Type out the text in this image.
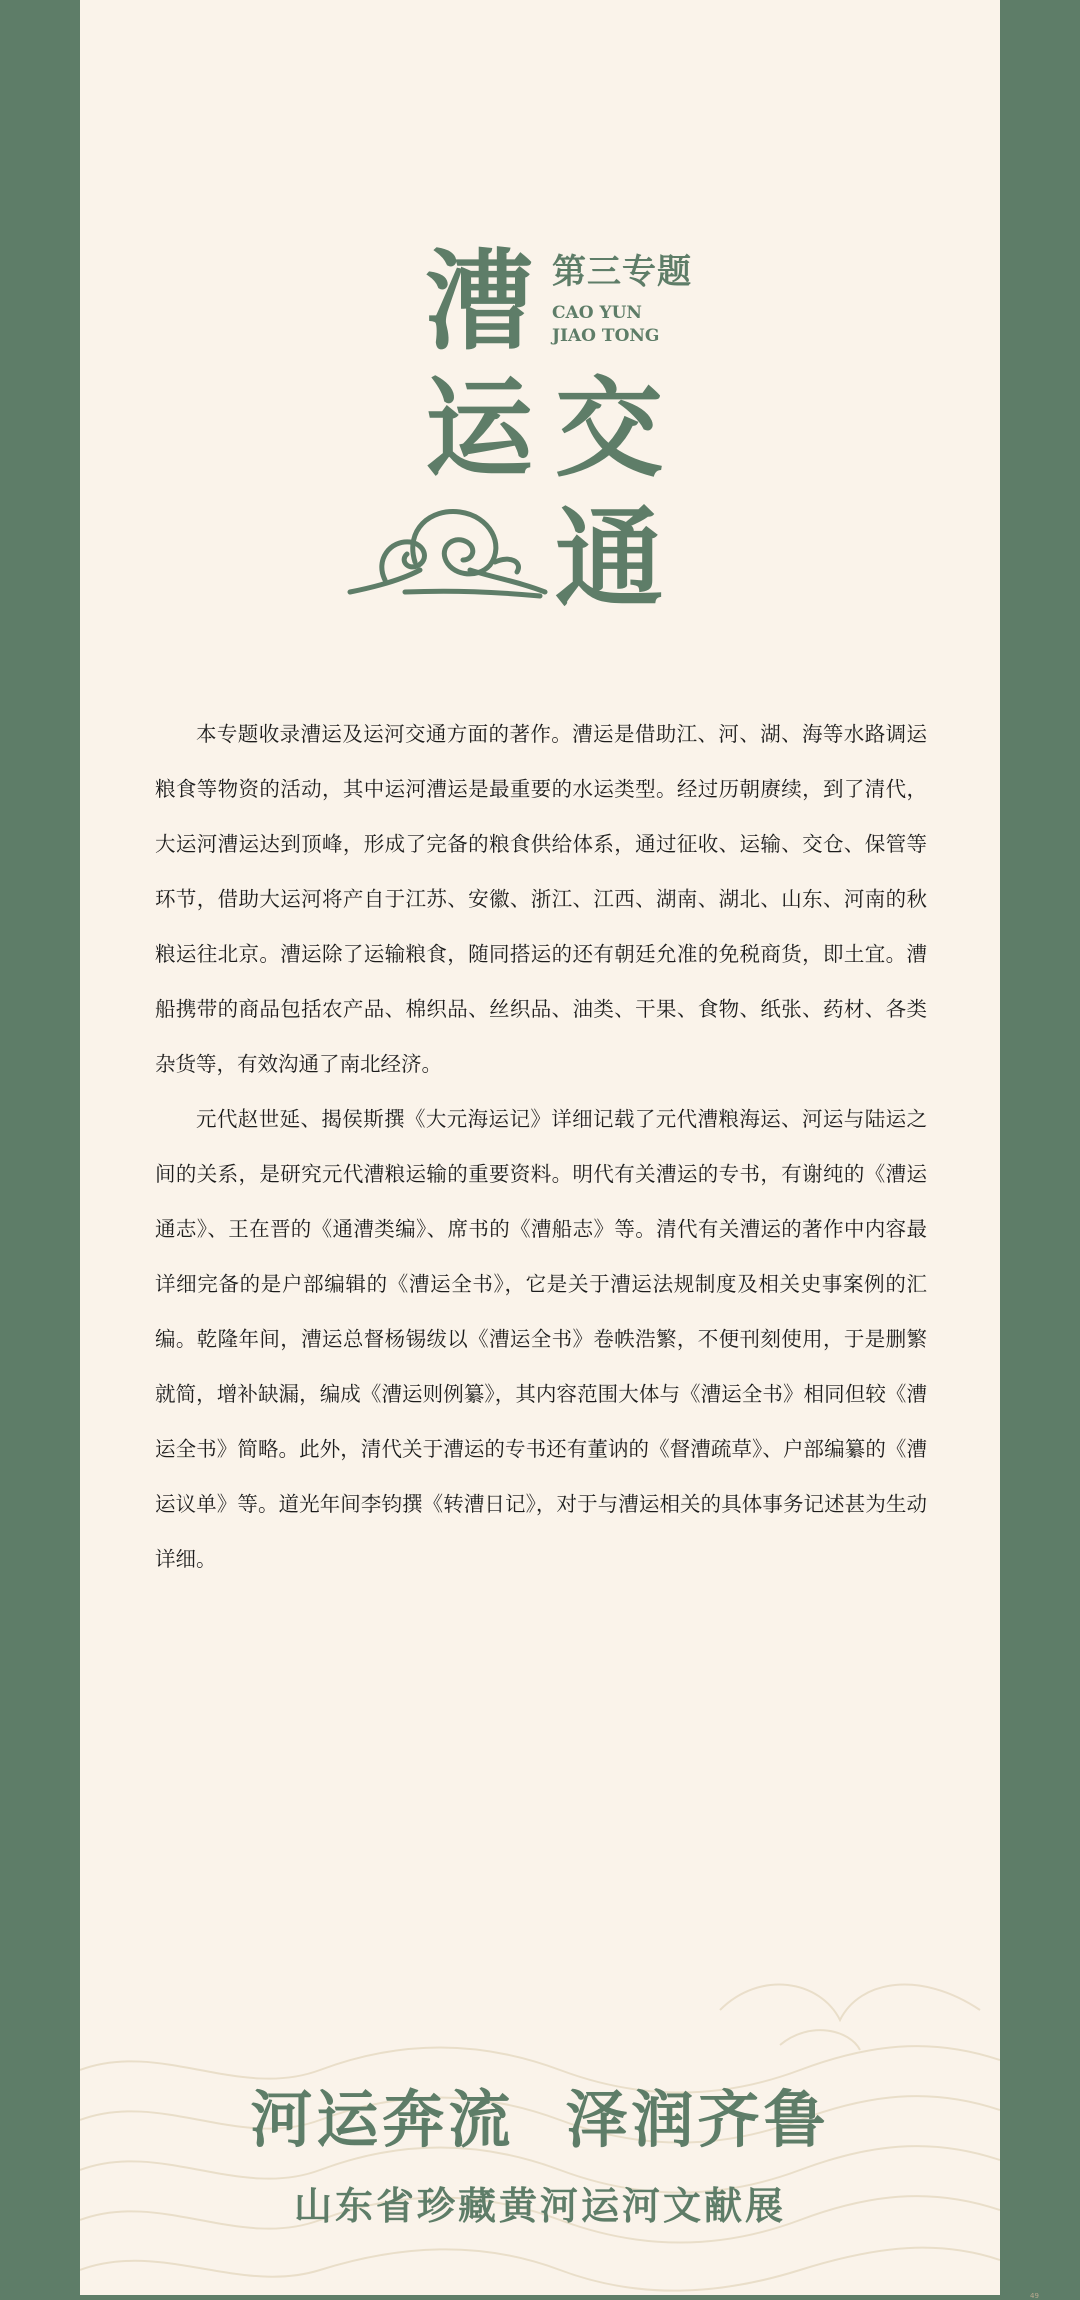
漕
运 交
通
第三专题
CAO YUN
JIAO TONG

本专题收录漕运及运河交通方面的著作。漕运是借助江、河、湖、海等水路调运粮食等物资的活动，其中运河漕运是最重要的水运类型。经过历朝赓续，到了清代，大运河漕运达到顶峰，形成了完备的粮食供给体系，通过征收、运输、交仓、保管等环节，借助大运河将产自于江苏、安徽、浙江、江西、湖南、湖北、山东、河南的秋粮运往北京。漕运除了运输粮食，随同搭运的还有朝廷允准的免税商货，即土宜。漕船携带的商品包括农产品、棉织品、丝织品、油类、干果、食物、纸张、药材、各类杂货等，有效沟通了南北经济。

元代赵世延、揭侯斯撰《大元海运记》详细记载了元代漕粮海运、河运与陆运之间的关系，是研究元代漕粮运输的重要资料。明代有关漕运的专书，有谢纯的《漕运通志》、王在晋的《通漕类编》、席书的《漕船志》等。清代有关漕运的著作中内容最详细完备的是户部编辑的《漕运全书》，它是关于漕运法规制度及相关史事案例的汇编。乾隆年间，漕运总督杨锡绂以《漕运全书》卷帙浩繁，不便刊刻使用，于是删繁就简，增补缺漏，编成《漕运则例纂》，其内容范围大体与《漕运全书》相同但较《漕运全书》简略。此外，清代关于漕运的专书还有董讷的《督漕疏草》、户部编纂的《漕运议单》等。道光年间李钧撰《转漕日记》，对于与漕运相关的具体事务记述甚为生动详细。

河运奔流  泽润齐鲁
山东省珍藏黄河运河文献展
49
